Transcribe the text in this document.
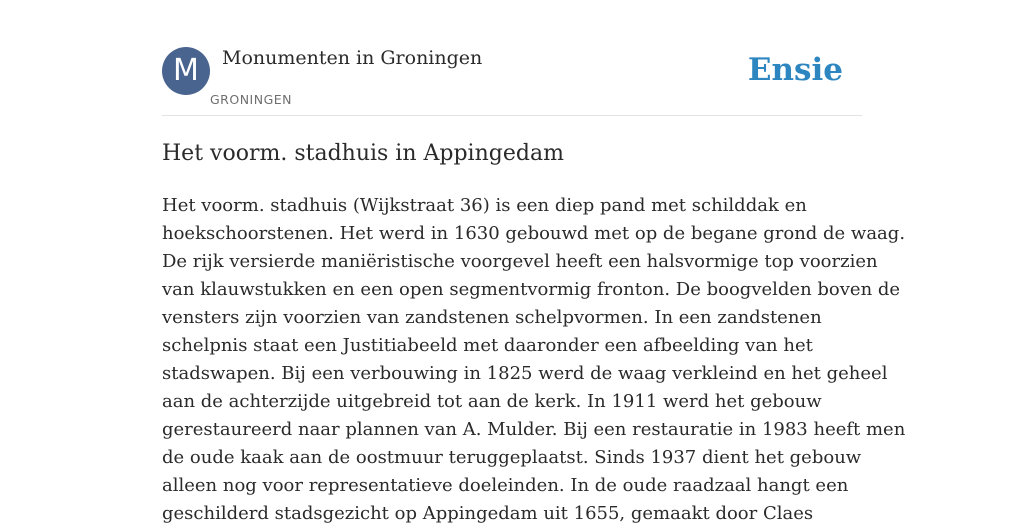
M	Monumenten in Groningen
GRONINGEN
Ensie
Het voorm. stadhuis in Appingedam
Het voorm. stadhuis (Wijkstraat 36) is een diep pand met schilddak en
hoekschoorstenen. Het werd in 1630 gebouwd met op de begane grond de waag.
De rijk versierde maniëristische voorgevel heeft een halsvormige top voorzien
van klauwstukken en een open segmentvormig fronton. De boogvelden boven de
vensters zijn voorzien van zandstenen schelpvormen. In een zandstenen
schelpnis staat een Justitiabeeld met daaronder een afbeelding van het
stadswapen. Bij een verbouwing in 1825 werd de waag verkleind en het geheel
aan de achterzijde uitgebreid tot aan de kerk. In 1911 werd het gebouw
gerestaureerd naar plannen van A. Mulder. Bij een restauratie in 1983 heeft men
de oude kaak aan de oostmuur teruggeplaatst. Sinds 1937 dient het gebouw
alleen nog voor representatieve doeleinden. In de oude raadzaal hangt een
geschilderd stadsgezicht op Appingedam uit 1655, gemaakt door Claes
